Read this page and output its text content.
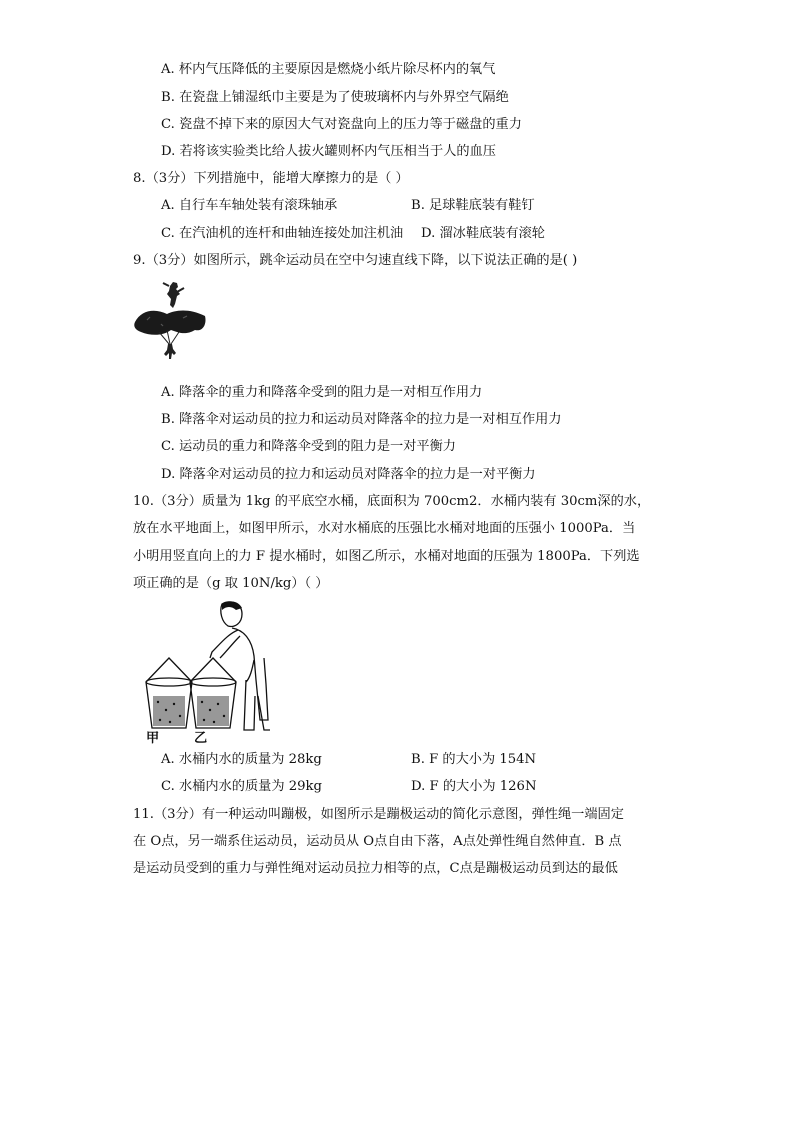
A. 杯内气压降低的主要原因是燃烧小纸片除尽杯内的氧气
B. 在瓷盘上铺湿纸巾主要是为了使玻璃杯内与外界空气隔绝
C. 瓷盘不掉下来的原因大气对瓷盘向上的压力等于磁盘的重力
D. 若将该实验类比给人拔火罐则杯内气压相当于人的血压
8.（3分）下列措施中，能增大摩擦力的是（ ）
A. 自行车车轴处装有滚珠轴承	B. 足球鞋底装有鞋钉
C. 在汽油机的连杆和曲轴连接处加注机油 D. 溜冰鞋底装有滚轮
9.（3分）如图所示，跳伞运动员在空中匀速直线下降，以下说法正确的是( )
A. 降落伞的重力和降落伞受到的阻力是一对相互作用力
B. 降落伞对运动员的拉力和运动员对降落伞的拉力是一对相互作用力
C. 运动员的重力和降落伞受到的阻力是一对平衡力
D. 降落伞对运动员的拉力和运动员对降落伞的拉力是一对平衡力
10.（3分）质量为 1kg 的平底空水桶，底面积为 700cm2．水桶内装有 30cm深的水，
放在水平地面上，如图甲所示，水对水桶底的压强比水桶对地面的压强小 1000Pa．当
小明用竖直向上的力 F 提水桶时，如图乙所示，水桶对地面的压强为 1800Pa．下列选
项正确的是（g 取 10N/kg）（ ）
甲	乙
A. 水桶内水的质量为 28kg	B. F 的大小为 154N
C. 水桶内水的质量为 29kg	D. F 的大小为 126N
11.（3分）有一种运动叫蹦极，如图所示是蹦极运动的简化示意图，弹性绳一端固定
在 O点，另一端系住运动员，运动员从 O点自由下落，A点处弹性绳自然伸直．B 点
是运动员受到的重力与弹性绳对运动员拉力相等的点，C点是蹦极运动员到达的最低
